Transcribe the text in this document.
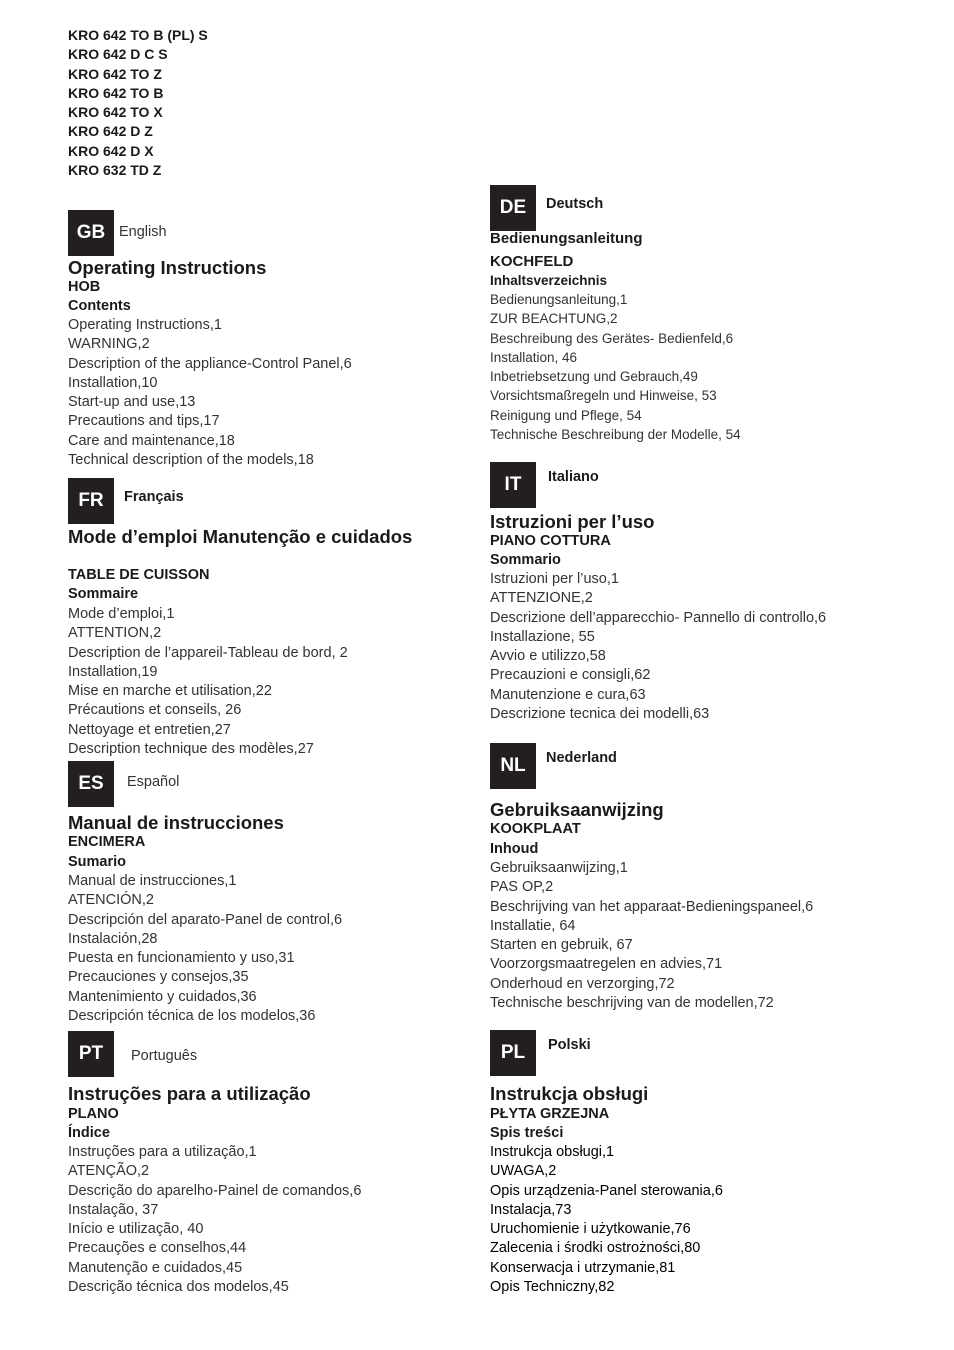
KRO 642 TO B (PL) S
KRO 642 D C S
KRO 642 TO Z
KRO 642 TO B
KRO 642 TO X
KRO 642 D Z
KRO 642 D X
KRO 632 TD Z
GB English
Operating Instructions
HOB
Contents
Operating Instructions,1
WARNING,2
Description of the appliance-Control Panel,6
Installation,10
Start-up and use,13
Precautions and tips,17
Care and maintenance,18
Technical description of the models,18
FR	Français
Mode d’emploi Manutenção e cuidados
TABLE DE CUISSON
Sommaire
Mode d’emploi,1
ATTENTION,2
Description de l’appareil-Tableau de bord, 2
Installation,19
Mise en marche et utilisation,22
Précautions et conseils, 26
Nettoyage et entretien,27
Description technique des modèles,27
ES	Español
Manual de instrucciones
ENCIMERA
Sumario
Manual de instrucciones,1
ATENCIÓN,2
Descripción del aparato-Panel de control,6
Instalación,28
Puesta en funcionamiento y uso,31
Precauciones y consejos,35
Mantenimiento y cuidados,36
Descripción técnica de los modelos,36
PT	Português
Instruções para a utilização
PLANO
Índice
Instruções para a utilização,1
ATENÇÃO,2
Descrição do aparelho-Painel de comandos,6
Instalação, 37
Início e utilização, 40
Precauções e conselhos,44
Manutenção e cuidados,45
Descrição técnica dos modelos,45
DE	Deutsch
Bedienungsanleitung
KOCHFELD
Inhaltsverzeichnis
Bedienungsanleitung,1
ZUR BEACHTUNG,2
Beschreibung des Gerätes- Bedienfeld,6
Installation, 46
Inbetriebsetzung und Gebrauch,49
Vorsichtsmaßregeln und Hinweise, 53
Reinigung und Pflege, 54
Technische Beschreibung der Modelle, 54
IT	Italiano
Istruzioni per l’uso
PIANO COTTURA
Sommario
Istruzioni per l’uso,1
ATTENZIONE,2
Descrizione dell’apparecchio- Pannello di controllo,6
Installazione, 55
Avvio e utilizzo,58
Precauzioni e consigli,62
Manutenzione e cura,63
Descrizione tecnica dei modelli,63
NL	Nederland
Gebruiksaanwijzing
KOOKPLAAT
Inhoud
Gebruiksaanwijzing,1
PAS OP,2
Beschrijving van het apparaat-Bedieningspaneel,6
Installatie, 64
Starten en gebruik, 67
Voorzorgsmaatregelen en advies,71
Onderhoud en verzorging,72
Technische beschrijving van de modellen,72
PL	Polski
Instrukcja obsługi
PŁYTA GRZEJNA
Spis treści
Instrukcja obsługi,1
UWAGA,2
Opis urządzenia-Panel sterowania,6
Instalacja,73
Uruchomienie i użytkowanie,76
Zalecenia i środki ostrożności,80
Konserwacja i utrzymanie,81
Opis Techniczny,82
